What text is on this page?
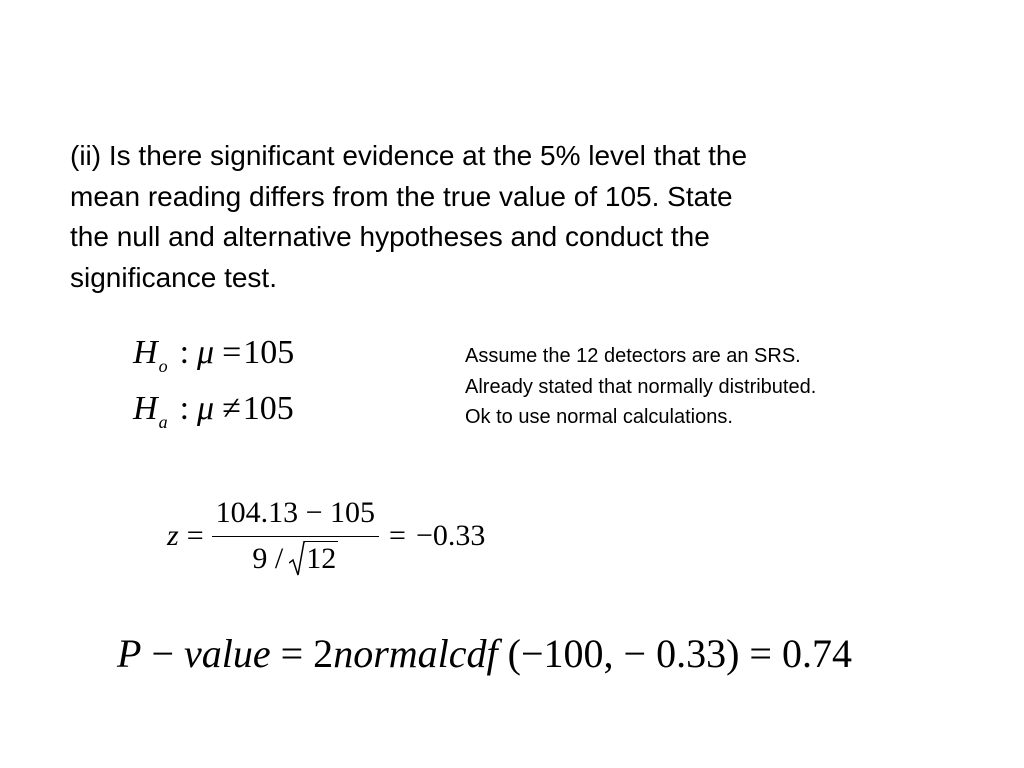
(ii) Is there significant evidence at the 5% level that the
mean reading differs from the true value of 105. State
the null and alternative hypotheses and conduct the
significance test.
$H_o$ : μ =105
$H_a$ : μ ≠105
Assume the 12 detectors are an SRS.
Already stated that normally distributed.
Ok to use normal calculations.
$z = \frac{104.13 - 105}{9 / 12} = -0.33$
P − value = 2normalcdf (−100, − 0.33) = 0.74
